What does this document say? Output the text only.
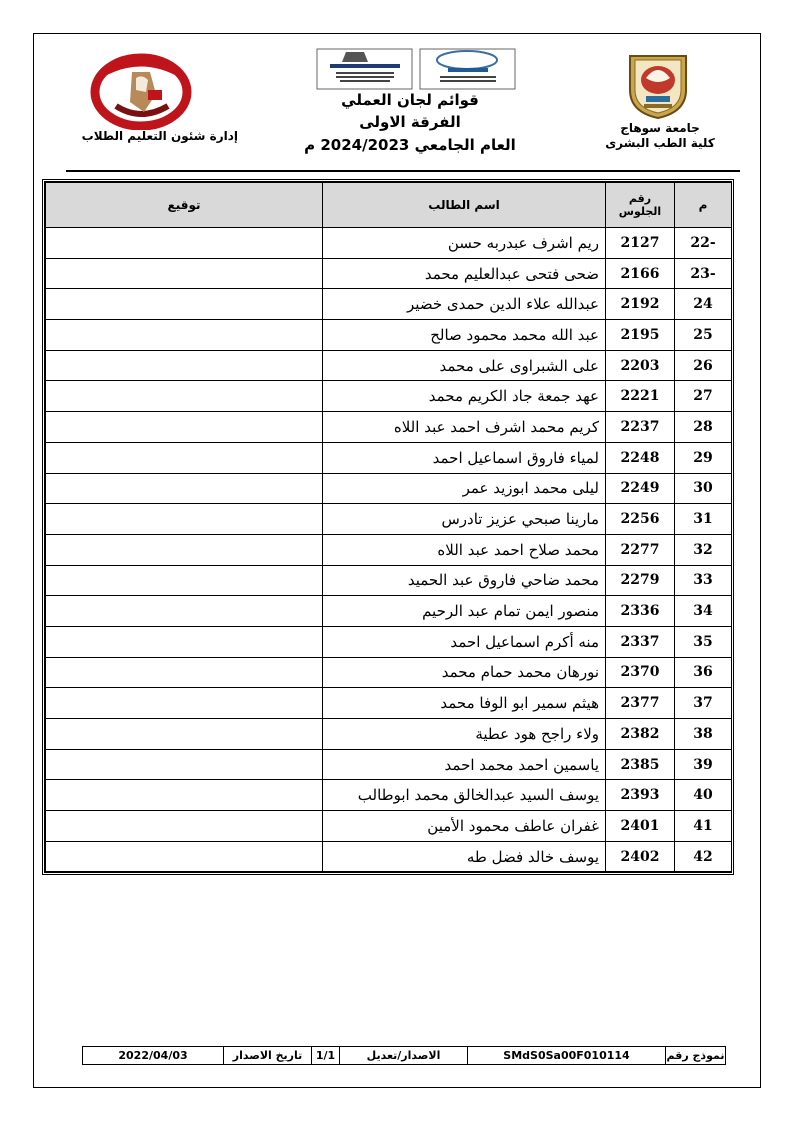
جامعة سوهاج
كلية الطب البشرى
إدارة شئون التعليم الطلاب
قوائم لجان العملي
الفرقة الاولى
العام الجامعي 2024/2023 م
م	رقم الجلوس	اسم الطالب	توقيع
22-	2127	ريم اشرف عبدربه حسن	
23-	2166	ضحى فتحى عبدالعليم محمد	
24	2192	عبدالله علاء الدين حمدى خضير	
25	2195	عبد الله محمد محمود صالح	
26	2203	على الشبراوى على محمد	
27	2221	عهد جمعة جاد الكريم محمد	
28	2237	كريم محمد اشرف احمد عبد اللاه	
29	2248	لمياء فاروق اسماعيل احمد	
30	2249	ليلى محمد ابوزيد عمر	
31	2256	مارينا صبحي عزيز تادرس	
32	2277	محمد صلاح احمد عبد اللاه	
33	2279	محمد ضاحي فاروق عبد الحميد	
34	2336	منصور ايمن تمام عبد الرحيم	
35	2337	منه أكرم اسماعيل احمد	
36	2370	نورهان محمد حمام محمد	
37	2377	هيثم سمير ابو الوفا محمد	
38	2382	ولاء راجح هود عطية	
39	2385	ياسمين احمد محمد احمد	
40	2393	يوسف السيد عبدالخالق محمد ابوطالب	
41	2401	غفران عاطف محمود الأمين	
42	2402	يوسف خالد فضل طه	
نموذج رقم
SMdS0Sa00F010114
الاصدار/تعديل
1/1
تاريخ الاصدار
2022/04/03
